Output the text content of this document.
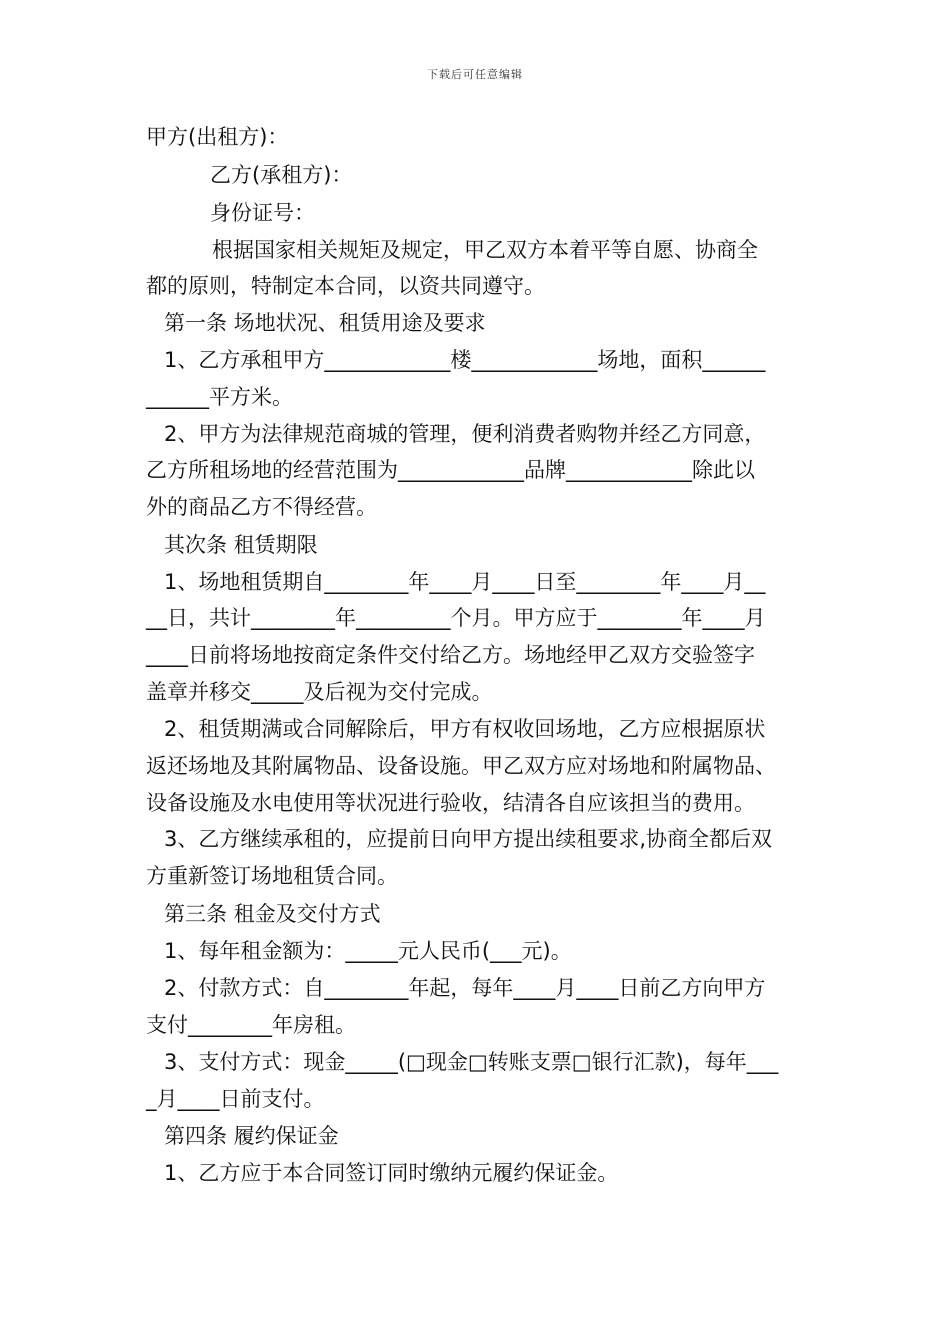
下载后可任意编辑
甲方(出租方)：
乙方(承租方)：
身份证号：
根据国家相关规矩及规定，甲乙双方本着平等自愿、协商全
都的原则，特制定本合同，以资共同遵守。
第一条 场地状况、租赁用途及要求
1、乙方承租甲方____________楼____________场地，面积______
______平方米。
2、甲方为法律规范商城的管理，便利消费者购物并经乙方同意，
乙方所租场地的经营范围为____________品牌____________除此以
外的商品乙方不得经营。
其次条 租赁期限
1、场地租赁期自________年____月____日至________年____月__
__日，共计________年_________个月。甲方应于________年____月
____日前将场地按商定条件交付给乙方。场地经甲乙双方交验签字
盖章并移交_____及后视为交付完成。
2、租赁期满或合同解除后，甲方有权收回场地，乙方应根据原状
返还场地及其附属物品、设备设施。甲乙双方应对场地和附属物品、
设备设施及水电使用等状况进行验收，结清各自应该担当的费用。
3、乙方继续承租的，应提前日向甲方提出续租要求,协商全都后双
方重新签订场地租赁合同。
第三条 租金及交付方式
1、每年租金额为：_____元人民币(___元)。
2、付款方式：自________年起，每年____月____日前乙方向甲方
支付________年房租。
3、支付方式：现金_____(□现金□转账支票□银行汇款)，每年___
_月____日前支付。
第四条 履约保证金
1、乙方应于本合同签订同时缴纳元履约保证金。
